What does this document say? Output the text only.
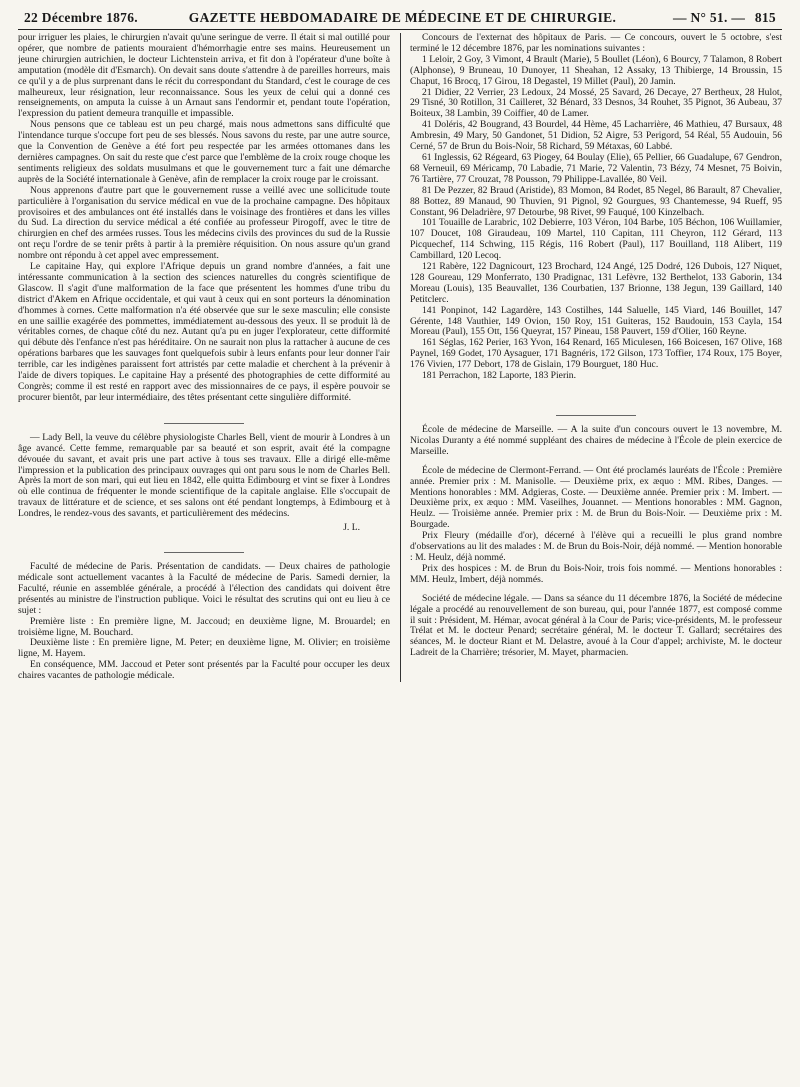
22 Décembre 1876.	GAZETTE HEBDOMADAIRE DE MÉDECINE ET DE CHIRURGIE.	— N° 51. — 815

pour irriguer les plaies, le chirurgien n'avait qu'une seringue de verre. Il était si mal outillé pour opérer, que nombre de patients mouraient d'hémorrhagie entre ses mains. Heureusement un jeune chirurgien autrichien, le docteur Lichtenstein arriva, et fit don à l'opérateur d'une boîte à amputation (modèle dit d'Esmarch). On devait sans doute s'attendre à de pareilles horreurs, mais ce qu'il y a de plus surprenant dans le récit du correspondant du Standard, c'est le courage de ces malheureux, leur résignation, leur reconnaissance. Sous les yeux de celui qui a donné ces renseignements, on amputa la cuisse à un Arnaut sans l'endormir et, pendant toute l'opération, l'expression du patient demeura tranquille et impassible.

Nous pensons que ce tableau est un peu chargé, mais nous admettons sans difficulté que l'intendance turque s'occupe fort peu de ses blessés. Nous savons du reste, par une autre source, que la Convention de Genève a été fort peu respectée par les armées ottomanes dans les dernières campagnes. On sait du reste que c'est parce que l'emblème de la croix rouge choque les sentiments religieux des soldats musulmans et que le gouvernement turc a fait une démarche auprès de la Société internationale à Genève, afin de remplacer la croix rouge par le croissant.

Nous apprenons d'autre part que le gouvernement russe a veillé avec une sollicitude toute particulière à l'organisation du service médical en vue de la prochaine campagne. Des hôpitaux provisoires et des ambulances ont été installés dans le voisinage des frontières et dans les villes du Sud. La direction du service médical a été confiée au professeur Pirogoff, avec le titre de chirurgien en chef des armées russes. Tous les médecins civils des provinces du sud de la Russie ont reçu l'ordre de se tenir prêts à partir à la première réquisition. On nous assure qu'un grand nombre ont répondu à cet appel avec empressement.

Le capitaine Hay, qui explore l'Afrique depuis un grand nombre d'années, a fait une intéressante communication à la section des sciences naturelles du congrès scientifique de Glascow. Il s'agit d'une malformation de la face que présentent les hommes d'une tribu du district d'Akem en Afrique occidentale, et qui vaut à ceux qui en sont porteurs la dénomination d'hommes à cornes. Cette malformation n'a été observée que sur le sexe masculin; elle consiste en une saillie exagérée des pommettes, immédiatement au-dessous des yeux. Il se produit là de véritables cornes, de chaque côté du nez. Autant qu'a pu en juger l'explorateur, cette difformité qui débute dès l'enfance n'est pas héréditaire. On ne saurait non plus la rattacher à aucune de ces opérations barbares que les sauvages font quelquefois subir à leurs enfants pour leur donner l'air terrible, car les indigènes paraissent fort attristés par cette maladie et cherchent à la prévenir à l'aide de divers topiques. Le capitaine Hay a présenté des photographies de cette difformité au Congrès; comme il est resté en rapport avec des missionnaires de ce pays, il espère pouvoir se procurer bientôt, par leur intermédiaire, des têtes présentant cette singulière difformité.

— Lady Bell, la veuve du célèbre physiologiste Charles Bell, vient de mourir à Londres à un âge avancé. Cette femme, remarquable par sa beauté et son esprit, avait été la compagne dévouée du savant, et avait pris une part active à tous ses travaux. Elle a dirigé elle-même l'impression et la publication des principaux ouvrages qui ont paru sous le nom de Charles Bell. Après la mort de son mari, qui eut lieu en 1842, elle quitta Edimbourg et vint se fixer à Londres où elle continua de fréquenter le monde scientifique de la capitale anglaise. Elle s'occupait de travaux de littérature et de science, et ses salons ont été pendant longtemps, à Edimbourg et à Londres, le rendez-vous des savants, et particulièrement des médecins.

J. L.

Faculté de médecine de Paris. Présentation de candidats. — Deux chaires de pathologie médicale sont actuellement vacantes à la Faculté de médecine de Paris. Samedi dernier, la Faculté, réunie en assemblée générale, a procédé à l'élection des candidats qui doivent être présentés au ministre de l'instruction publique. Voici le résultat des scrutins qui ont eu lieu à ce sujet :

Première liste : En première ligne, M. Jaccoud; en deuxième ligne, M. Brouardel; en troisième ligne, M. Bouchard.

Deuxième liste : En première ligne, M. Peter; en deuxième ligne, M. Olivier; en troisième ligne, M. Hayem.

En conséquence, MM. Jaccoud et Peter sont présentés par la Faculté pour occuper les deux chaires vacantes de pathologie médicale.

Concours de l'externat des hôpitaux de Paris. — Ce concours, ouvert le 5 octobre, s'est terminé le 12 décembre 1876, par les nominations suivantes :

1 Leloir, 2 Goy, 3 Vimont, 4 Brault (Marie), 5 Boullet (Léon), 6 Bourcy, 7 Talamon, 8 Robert (Alphonse), 9 Bruneau, 10 Dunoyer, 11 Sheahan, 12 Assaky, 13 Thibierge, 14 Broussin, 15 Chaput, 16 Brocq, 17 Girou, 18 Degastel, 19 Millet (Paul), 20 Jamin.

21 Didier, 22 Verrier, 23 Ledoux, 24 Mossé, 25 Savard, 26 Decaye, 27 Bertheux, 28 Hulot, 29 Tisné, 30 Rotillon, 31 Cailleret, 32 Bénard, 33 Desnos, 34 Rouhet, 35 Pignot, 36 Aubeau, 37 Boiteux, 38 Lambin, 39 Coiffier, 40 de Lamer.

41 Doléris, 42 Bougrand, 43 Bourdel, 44 Hème, 45 Lacharrière, 46 Mathieu, 47 Bursaux, 48 Ambresin, 49 Mary, 50 Gandonet, 51 Didion, 52 Aigre, 53 Perigord, 54 Réal, 55 Audouin, 56 Cerné, 57 de Brun du Bois-Noir, 58 Richard, 59 Métaxas, 60 Labbé.

61 Inglessis, 62 Régeard, 63 Piogey, 64 Boulay (Elie), 65 Pellier, 66 Guadalupe, 67 Gendron, 68 Verneuil, 69 Méricamp, 70 Labadie, 71 Marie, 72 Valentin, 73 Bézy, 74 Mesnet, 75 Boivin, 76 Tartière, 77 Crouzat, 78 Pousson, 79 Philippe-Lavallée, 80 Veil.

81 De Pezzer, 82 Braud (Aristide), 83 Momon, 84 Rodet, 85 Negel, 86 Barault, 87 Chevalier, 88 Bottez, 89 Manaud, 90 Thuvien, 91 Pignol, 92 Gourgues, 93 Chantemesse, 94 Rueff, 95 Constant, 96 Deladrière, 97 Detourbe, 98 Rivet, 99 Fauqué, 100 Kinzelbach.

101 Touaille de Larabric, 102 Debierre, 103 Véron, 104 Barbe, 105 Béchon, 106 Wuillamier, 107 Doucet, 108 Giraudeau, 109 Martel, 110 Capitan, 111 Cheyron, 112 Gérard, 113 Picquechef, 114 Schwing, 115 Régis, 116 Robert (Paul), 117 Bouilland, 118 Alibert, 119 Cambillard, 120 Lecoq.

121 Rabère, 122 Dagnicourt, 123 Brochard, 124 Angé, 125 Dodré, 126 Dubois, 127 Niquet, 128 Goureau, 129 Monferrato, 130 Pradignac, 131 Lefèvre, 132 Berthelot, 133 Gaborin, 134 Moreau (Louis), 135 Beauvallet, 136 Courbatien, 137 Brionne, 138 Jegun, 139 Gaillard, 140 Petitclerc.

141 Ponpinot, 142 Lagardère, 143 Costilhes, 144 Saluelle, 145 Viard, 146 Bouillet, 147 Gérente, 148 Vauthier, 149 Ovion, 150 Roy, 151 Guiteras, 152 Baudouin, 153 Cayla, 154 Moreau (Paul), 155 Ott, 156 Queyrat, 157 Pineau, 158 Pauvert, 159 d'Olier, 160 Reyne.

161 Séglas, 162 Perier, 163 Yvon, 164 Renard, 165 Miculesen, 166 Boicesen, 167 Olive, 168 Paynel, 169 Godet, 170 Aysaguer, 171 Bagnéris, 172 Gilson, 173 Toffier, 174 Roux, 175 Boyer, 176 Vivien, 177 Debort, 178 de Gislain, 179 Bourguet, 180 Huc.

181 Perrachon, 182 Laporte, 183 Pierin.

École de médecine de Marseille. — A la suite d'un concours ouvert le 13 novembre, M. Nicolas Duranty a été nommé suppléant des chaires de médecine à l'École de plein exercice de Marseille.

École de médecine de Clermont-Ferrand. — Ont été proclamés lauréats de l'École : Première année. Premier prix : M. Manisolle. — Deuxième prix, ex æquo : MM. Ribes, Danges. — Mentions honorables : MM. Adgieras, Coste. — Deuxième année. Premier prix : M. Imbert. — Deuxième prix, ex æquo : MM. Vaseilhes, Jouannet. — Mentions honorables : MM. Gagnon, Heulz. — Troisième année. Premier prix : M. de Brun du Bois-Noir. — Deuxième prix : M. Bourgade.

Prix Fleury (médaille d'or), décerné à l'élève qui a recueilli le plus grand nombre d'observations au lit des malades : M. de Brun du Bois-Noir, déjà nommé. — Mention honorable : M. Heulz, déjà nommé.

Prix des hospices : M. de Brun du Bois-Noir, trois fois nommé. — Mentions honorables : MM. Heulz, Imbert, déjà nommés.

Société de médecine légale. — Dans sa séance du 11 décembre 1876, la Société de médecine légale a procédé au renouvellement de son bureau, qui, pour l'année 1877, est composé comme il suit : Président, M. Hémar, avocat général à la Cour de Paris; vice-présidents, M. le professeur Trélat et M. le docteur Penard; secrétaire général, M. le docteur T. Gallard; secrétaires des séances, M. le docteur Riant et M. Delastre, avoué à la Cour d'appel; archiviste, M. le docteur Ladreit de la Charrière; trésorier, M. Mayet, pharmacien.
